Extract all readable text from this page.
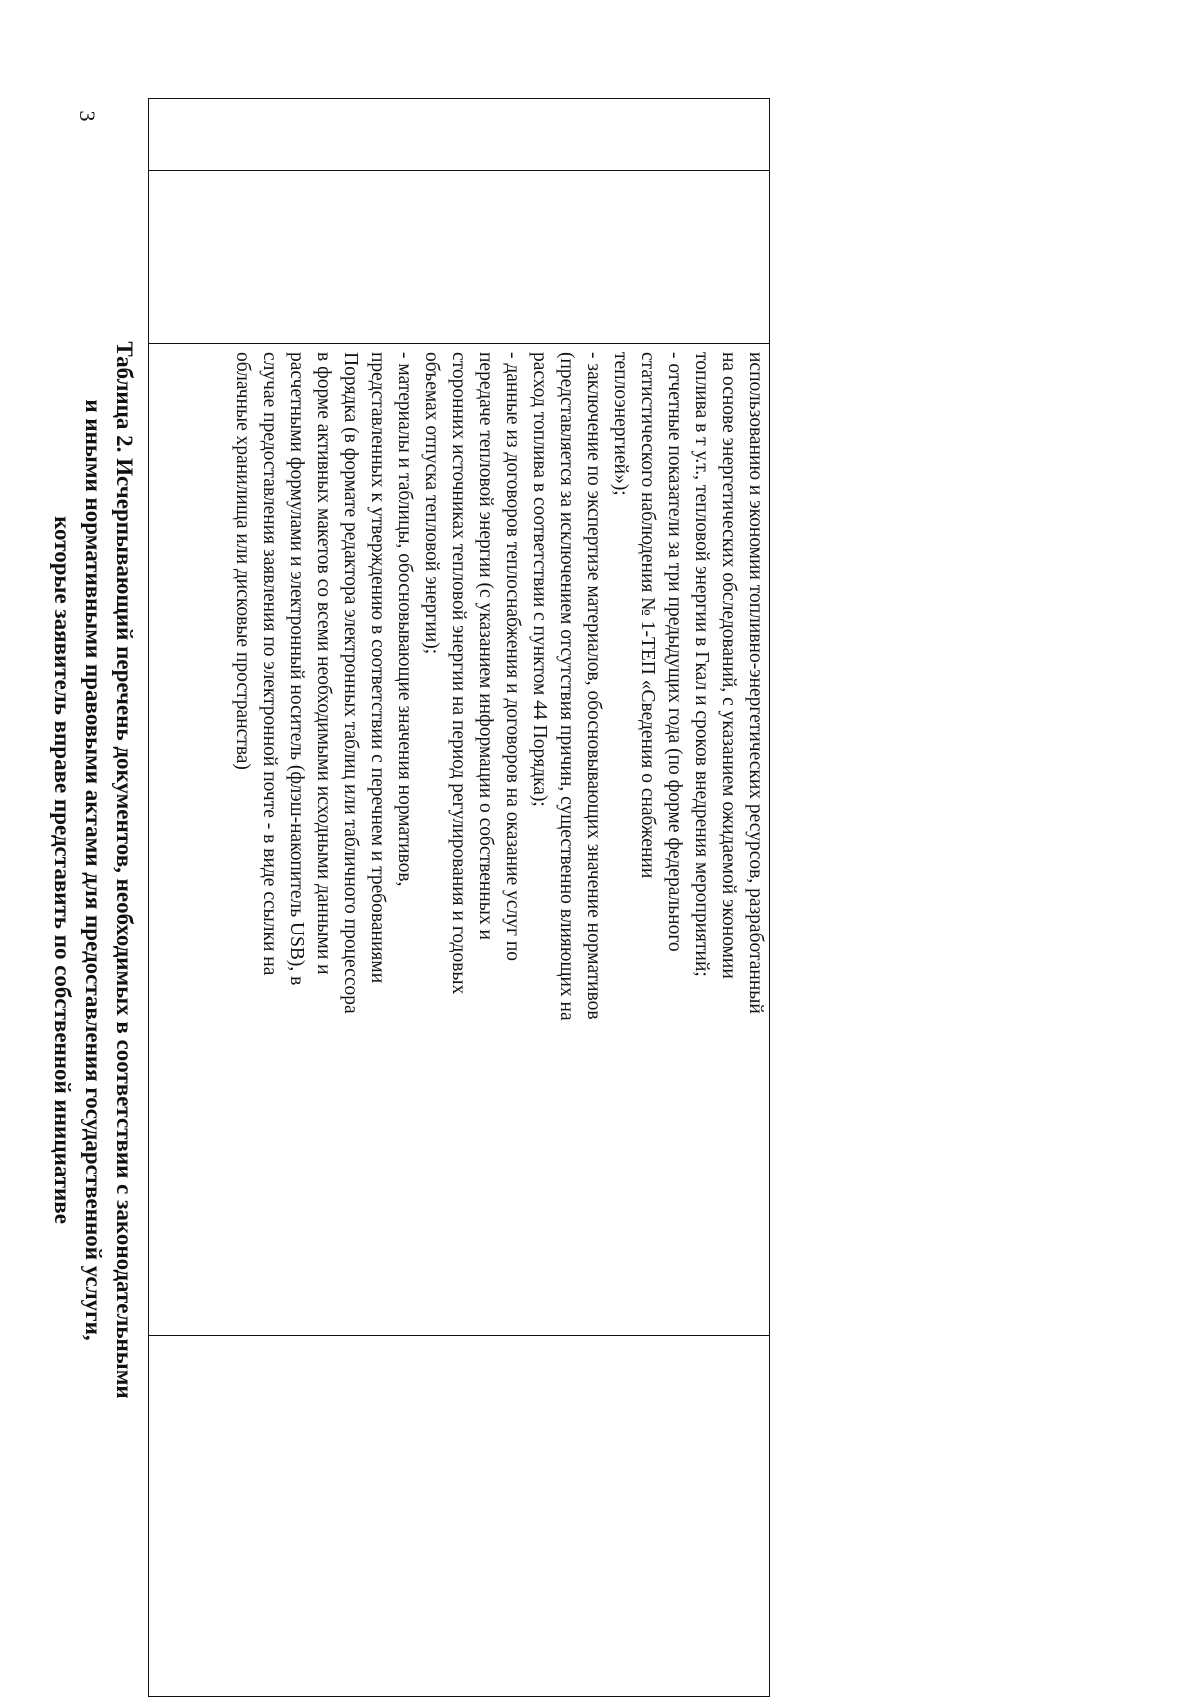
3

использованию и экономии топливно-энергетических ресурсов, разработанный
на основе энергетических обследований, с указанием ожидаемой экономии
топлива в т у.т., тепловой энергии в Гкал и сроков внедрения мероприятий;
- отчетные показатели за три предыдущих года (по форме федерального
статистического наблюдения № 1-ТЕП «Сведения о снабжении
теплоэнергией»);
- заключение по экспертизе материалов, обосновывающих значение нормативов
(представляется за исключением отсутствия причин, существенно влияющих на
расход топлива в соответствии с пунктом 44 Порядка);
- данные из договоров теплоснабжения и договоров на оказание услуг по
передаче тепловой энергии (с указанием информации о собственных и
сторонних источниках тепловой энергии на период регулирования и годовых
объемах отпуска тепловой энергии);
- материалы и таблицы, обосновывающие значения нормативов,
представленных к утверждению в соответствии с перечнем и требованиями
Порядка (в формате редактора электронных таблиц или табличного процессора
в форме активных макетов со всеми необходимыми исходными данными и
расчетными формулами и электронный носитель (флэш-накопитель USB), в
случае предоставления заявления по электронной почте - в виде ссылки на
облачные хранилища или дисковые пространства)

Таблица 2. Исчерпывающий перечень документов, необходимых в соответствии с законодательными
и иными нормативными правовыми актами для предоставления государственной услуги,
которые заявитель вправе представить по собственной инициативе
